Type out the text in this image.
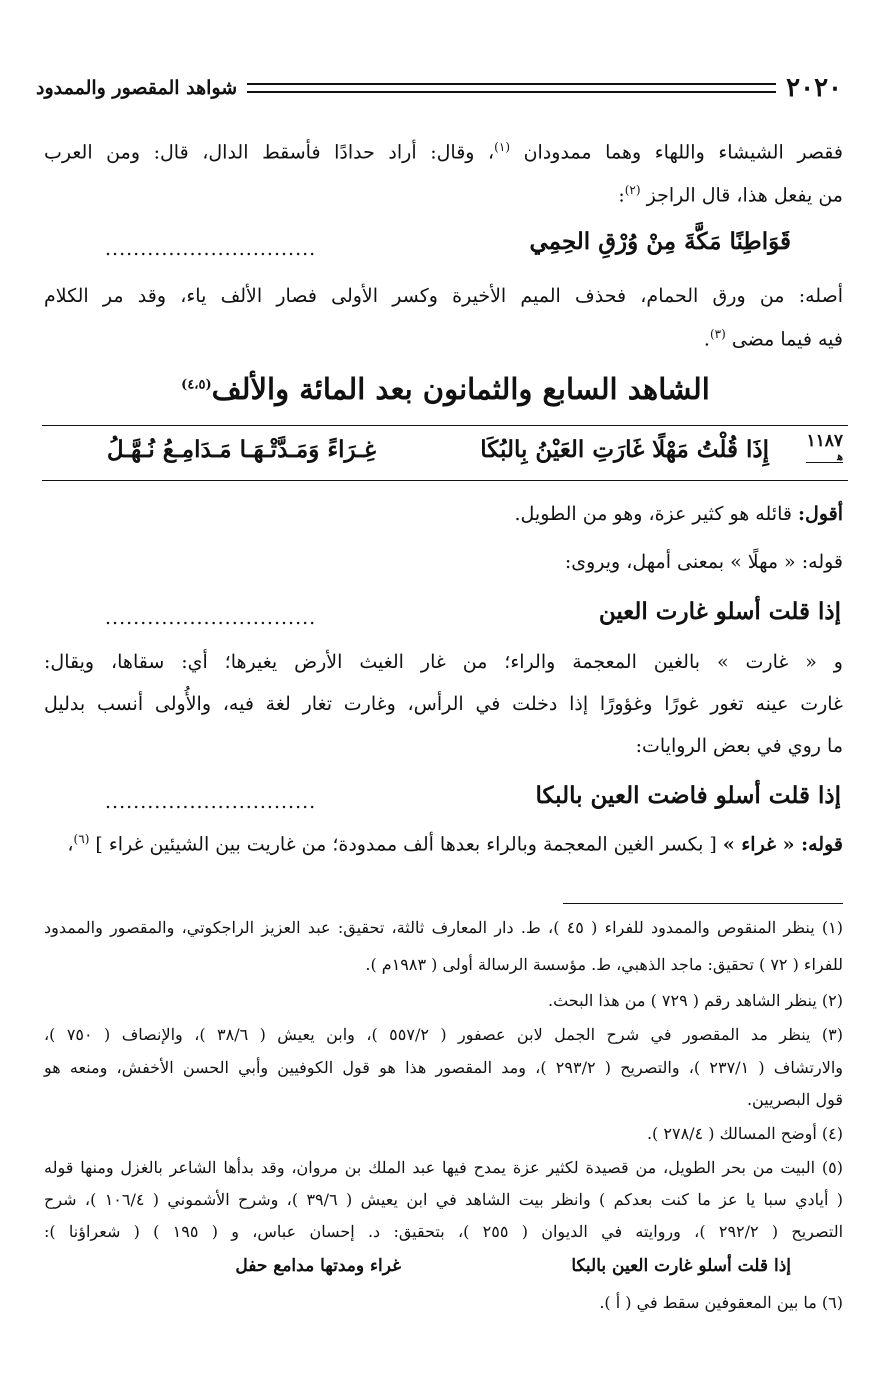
٢٠٢٠
شواهد المقصور والممدود
فقصر الشيشاء واللهاء وهما ممدودان $^{(١)}$، وقال: أراد حدادًا فأسقط الدال، قال: ومن العرب
من يفعل هذا، قال الراجز $^{(٢)}$:
قَوَاطِنًا مَكَّةَ مِنْ وُرْقِ الحِمِي
..............................
أصله: من ورق الحمام، فحذف الميم الأخيرة وكسر الأولى فصار الألف ياء، وقد مر الكلام
فيه فيما مضى $^{(٣)}$.
الشاهد السابع والثمانون بعد المائة والألف$^{(٤،٥)}$
١١٨٧
ﻫ
إِذَا قُلْتُ مَهْلًا غَارَتِ العَيْنُ بِالبُكَا
غِـرَاءً وَمَـدَّتْـهَـا مَـدَامِـعُ نُـهَّـلُ
أقول: قائله هو كثير عزة، وهو من الطويل.
قوله: « مهلًا » بمعنى أمهل، ويروى:
إذا قلت أسلو غارت العين
..............................
و « غارت » بالغين المعجمة والراء؛ من غار الغيث الأرض يغيرها؛ أي: سقاها، ويقال:
غارت عينه تغور غورًا وغؤورًا إذا دخلت في الرأس، وغارت تغار لغة فيه، والأُولى أنسب بدليل
ما روي في بعض الروايات:
إذا قلت أسلو فاضت العين بالبكا
..............................
قوله: « غراء » [ بكسر الغين المعجمة وبالراء بعدها ألف ممدودة؛ من غاريت بين الشيئين غراء ] $^{(٦)}$،
(١) ينظر المنقوص والممدود للفراء ( ٤٥ )، ط. دار المعارف ثالثة، تحقيق: عبد العزيز الراجكوتي، والمقصور والممدود
للفراء ( ٧٢ ) تحقيق: ماجد الذهبي، ط. مؤسسة الرسالة أولى ( ١٩٨٣م ).
(٢) ينظر الشاهد رقم ( ٧٢٩ ) من هذا البحث.
(٣) ينظر مد المقصور في شرح الجمل لابن عصفور ( ٥٥٧/٢ )، وابن يعيش ( ٣٨/٦ )، والإنصاف ( ٧٥٠ )،
والارتشاف ( ٢٣٧/١ )، والتصريح ( ٢٩٣/٢ )، ومد المقصور هذا هو قول الكوفيين وأبي الحسن الأخفش، ومنعه هو
قول البصريين.
(٤) أوضح المسالك ( ٢٧٨/٤ ).
(٥) البيت من بحر الطويل، من قصيدة لكثير عزة يمدح فيها عبد الملك بن مروان، وقد بدأها الشاعر بالغزل ومنها قوله
( أيادي سبا يا عز ما كنت بعدكم ) وانظر بيت الشاهد في ابن يعيش ( ٣٩/٦ )، وشرح الأشموني ( ١٠٦/٤ )، شرح
التصريح ( ٢٩٢/٢ )، وروايته في الديوان ( ٢٥٥ )، بتحقيق: د. إحسان عباس، و ( ١٩٥ ) ( شعراؤنا ):
إذا قلت أسلو غارت العين بالبكا
غراء ومدتها مدامع حفل
(٦) ما بين المعقوفين سقط في ( أ ).
